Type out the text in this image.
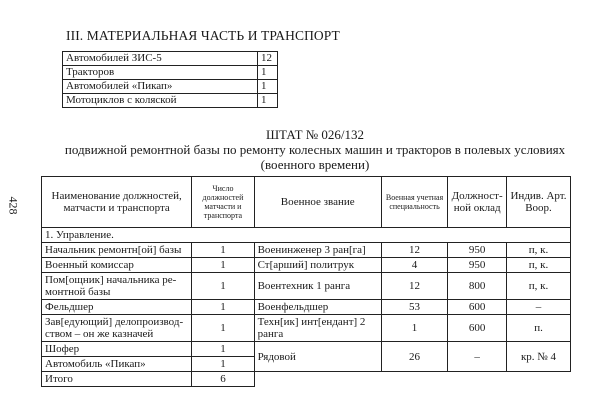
428
III. МАТЕРИАЛЬНАЯ ЧАСТЬ И ТРАНСПОРТ
Автомобилей ЗИС-5	12
Тракторов	1
Автомобилей «Пикап»	1
Мотоциклов с коляской	1
ШТАТ № 026/132
подвижной ремонтной базы по ремонту колесных машин и тракторов в полевых условиях
(военного времени)
Наименование должностей, матчасти и транспорта	Число должностей матчасти и транспорта	Военное звание	Военная учетная специальность	Должност-ной оклад	Индив. Арт. Воор.
1. Управление.					
Начальник ремонтн[ой] базы	1	Военинженер 3 ран[га]	12	950	п, к.
Военный комиссар	1	Ст[арший] политрук	4	950	п, к.
Пом[ощник] начальника ре-монтной базы	1	Воентехник 1 ранга	12	800	п, к.
Фельдшер	1	Военфельдшер	53	600	–
Зав[едующий] делопроизвод-ством – он же казначей	1	Техн[ик] инт[ендант] 2 ранга	1	600	п.
Шофер	1	Рядовой	26	–	кр. № 4
Автомобиль «Пикап»	1				
Итого	6				
